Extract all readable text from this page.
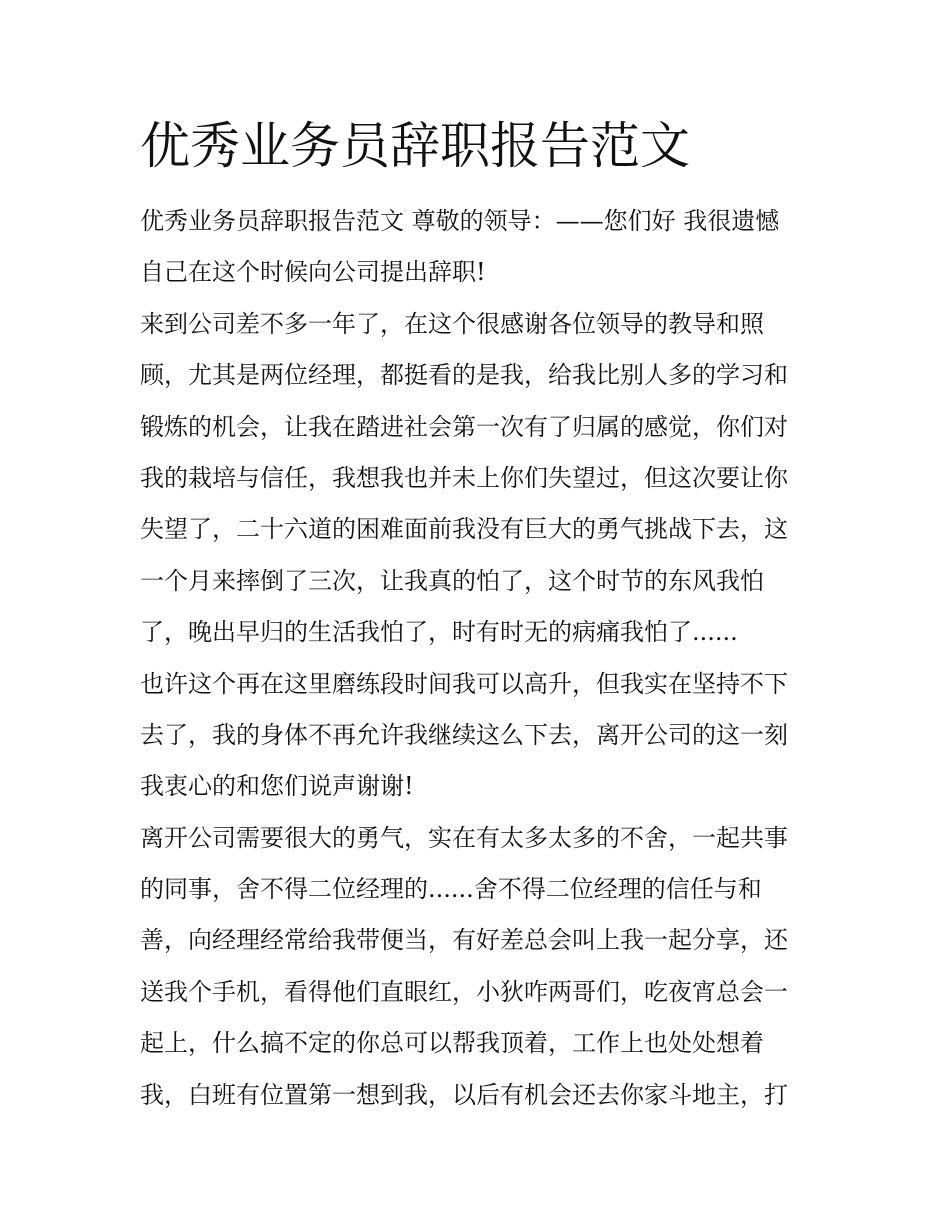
优秀业务员辞职报告范文
优秀业务员辞职报告范文 尊敬的领导：——您们好 我很遗憾
自己在这个时候向公司提出辞职!
来到公司差不多一年了，在这个很感谢各位领导的教导和照
顾，尤其是两位经理，都挺看的是我，给我比别人多的学习和
锻炼的机会，让我在踏进社会第一次有了归属的感觉，你们对
我的栽培与信任，我想我也并未上你们失望过，但这次要让你
失望了，二十六道的困难面前我没有巨大的勇气挑战下去，这
一个月来摔倒了三次，让我真的怕了，这个时节的东风我怕
了，晚出早归的生活我怕了，时有时无的病痛我怕了......
也许这个再在这里磨练段时间我可以高升，但我实在坚持不下
去了，我的身体不再允许我继续这么下去，离开公司的这一刻
我衷心的和您们说声谢谢!
离开公司需要很大的勇气，实在有太多太多的不舍，一起共事
的同事，舍不得二位经理的......舍不得二位经理的信任与和
善，向经理经常给我带便当，有好差总会叫上我一起分享，还
送我个手机，看得他们直眼红，小狄咋两哥们，吃夜宵总会一
起上，什么搞不定的你总可以帮我顶着，工作上也处处想着
我，白班有位置第一想到我，以后有机会还去你家斗地主，打
